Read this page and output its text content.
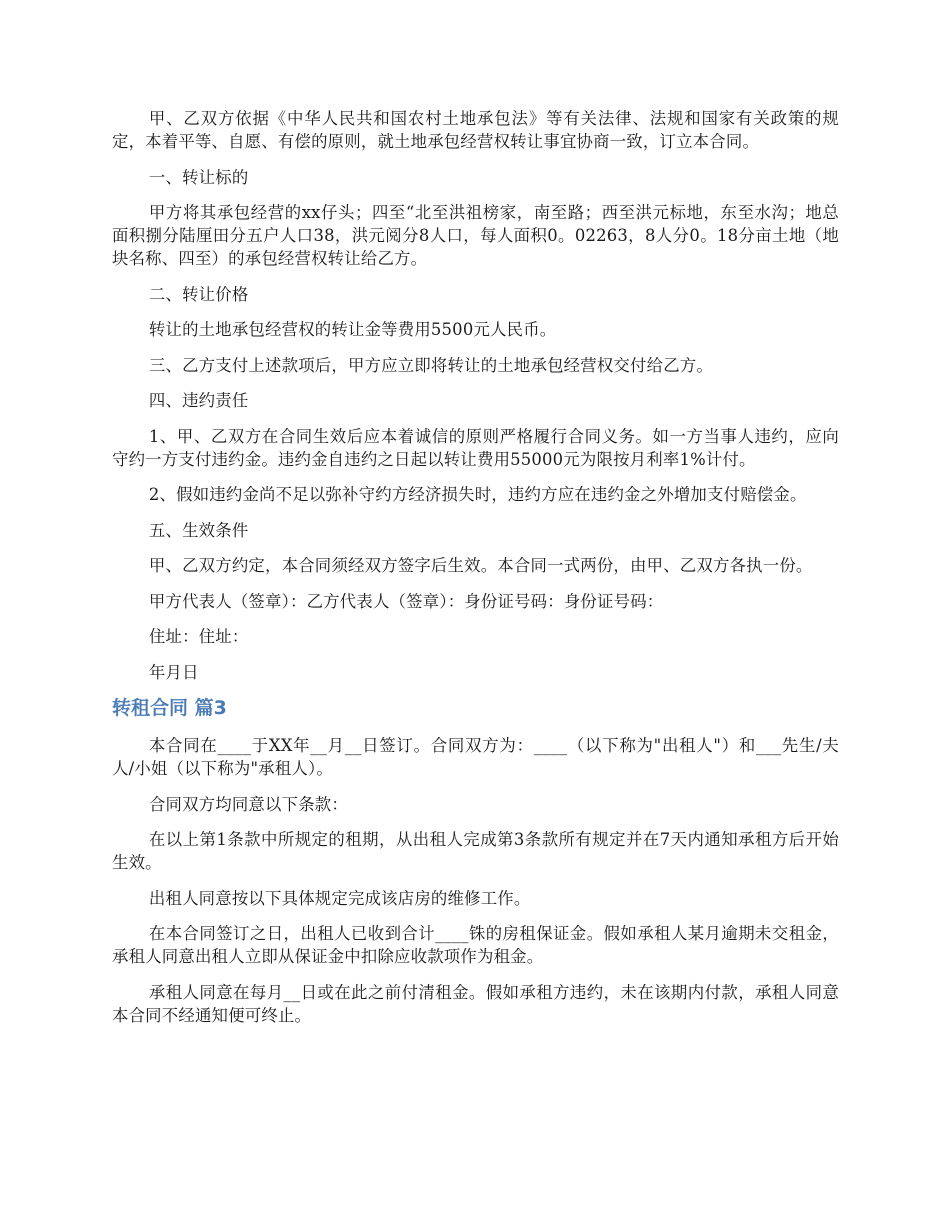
甲、乙双方依据《中华人民共和国农村土地承包法》等有关法律、法规和国家有关政策的规定，本着平等、自愿、有偿的原则，就土地承包经营权转让事宜协商一致，订立本合同。

一、转让标的

甲方将其承包经营的xx仔头；四至“北至洪祖榜家，南至路；西至洪元标地，东至水沟；地总面积捌分陆厘田分五户人口38，洪元阅分8人口，每人面积0。02263，8人分0。18分亩土地（地块名称、四至）的承包经营权转让给乙方。

二、转让价格

转让的土地承包经营权的转让金等费用5500元人民币。

三、乙方支付上述款项后，甲方应立即将转让的土地承包经营权交付给乙方。

四、违约责任

1、甲、乙双方在合同生效后应本着诚信的原则严格履行合同义务。如一方当事人违约，应向守约一方支付违约金。违约金自违约之日起以转让费用55000元为限按月利率1%计付。

2、假如违约金尚不足以弥补守约方经济损失时，违约方应在违约金之外增加支付赔偿金。

五、生效条件

甲、乙双方约定，本合同须经双方签字后生效。本合同一式两份，由甲、乙双方各执一份。

甲方代表人（签章）：乙方代表人（签章）：身份证号码：身份证号码：

住址：住址：

年月日

转租合同 篇3

本合同在____于XX年__月__日签订。合同双方为：____（以下称为"出租人"）和___先生/夫人/小姐（以下称为"承租人）。

合同双方均同意以下条款：

在以上第1条款中所规定的租期，从出租人完成第3条款所有规定并在7天内通知承租方后开始生效。

出租人同意按以下具体规定完成该店房的维修工作。

在本合同签订之日，出租人已收到合计____铢的房租保证金。假如承租人某月逾期未交租金，承租人同意出租人立即从保证金中扣除应收款项作为租金。

承租人同意在每月__日或在此之前付清租金。假如承租方违约，未在该期内付款，承租人同意本合同不经通知便可终止。
